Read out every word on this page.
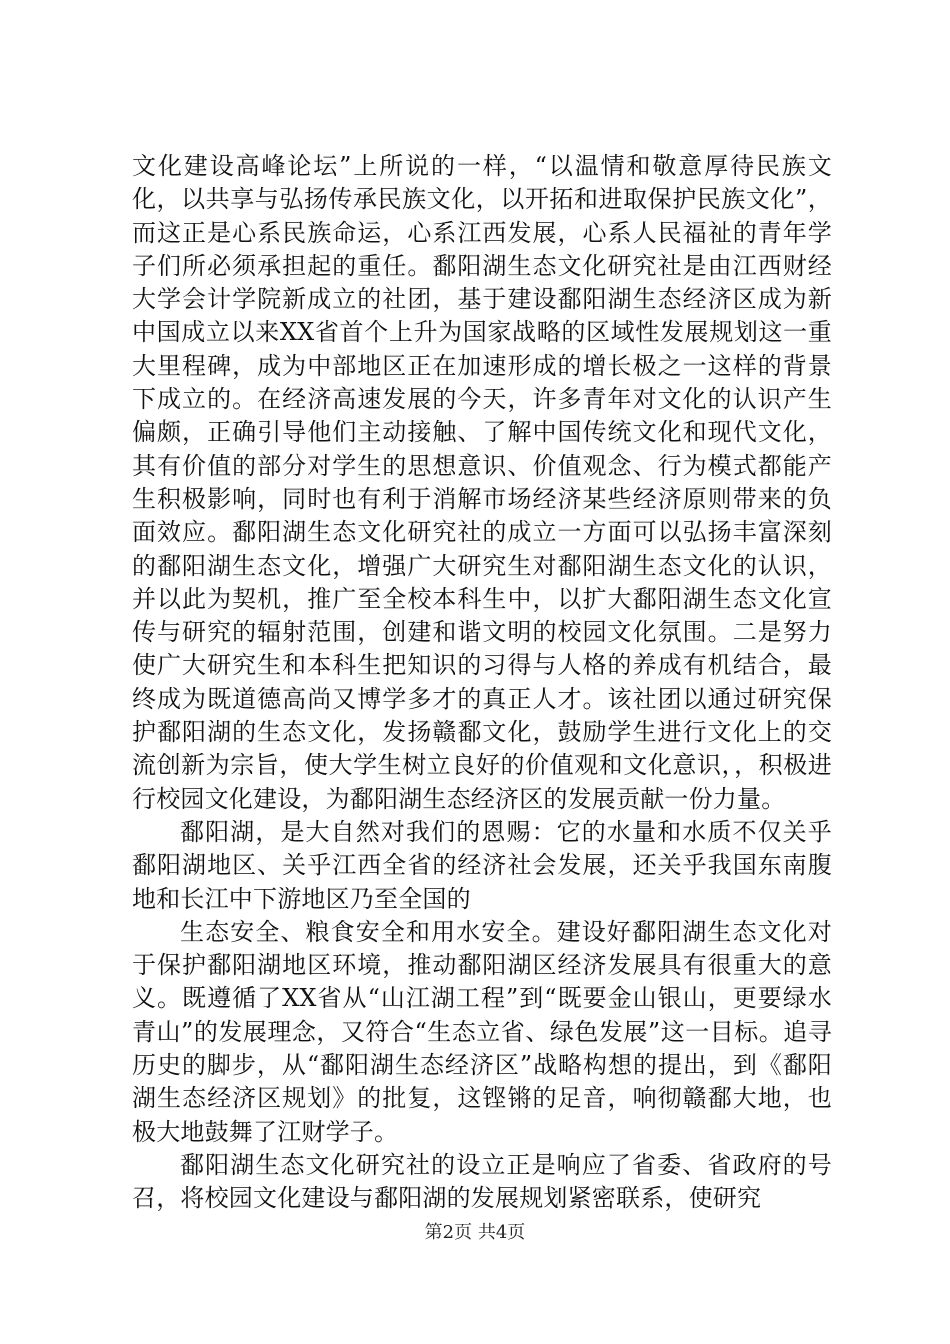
文化建设高峰论坛”上所说的一样，“以温情和敬意厚待民族文化，以共享与弘扬传承民族文化，以开拓和进取保护民族文化”，而这正是心系民族命运，心系江西发展，心系人民福祉的青年学子们所必须承担起的重任。鄱阳湖生态文化研究社是由江西财经大学会计学院新成立的社团，基于建设鄱阳湖生态经济区成为新中国成立以来XX省首个上升为国家战略的区域性发展规划这一重大里程碑，成为中部地区正在加速形成的增长极之一这样的背景下成立的。在经济高速发展的今天，许多青年对文化的认识产生偏颇，正确引导他们主动接触、了解中国传统文化和现代文化，其有价值的部分对学生的思想意识、价值观念、行为模式都能产生积极影响，同时也有利于消解市场经济某些经济原则带来的负面效应。鄱阳湖生态文化研究社的成立一方面可以弘扬丰富深刻的鄱阳湖生态文化，增强广大研究生对鄱阳湖生态文化的认识，并以此为契机，推广至全校本科生中，以扩大鄱阳湖生态文化宣传与研究的辐射范围，创建和谐文明的校园文化氛围。二是努力使广大研究生和本科生把知识的习得与人格的养成有机结合，最终成为既道德高尚又博学多才的真正人才。该社团以通过研究保护鄱阳湖的生态文化，发扬赣鄱文化，鼓励学生进行文化上的交流创新为宗旨，使大学生树立良好的价值观和文化意识，，积极进行校园文化建设，为鄱阳湖生态经济区的发展贡献一份力量。

鄱阳湖，是大自然对我们的恩赐：它的水量和水质不仅关乎鄱阳湖地区、关乎江西全省的经济社会发展，还关乎我国东南腹地和长江中下游地区乃至全国的

生态安全、粮食安全和用水安全。建设好鄱阳湖生态文化对于保护鄱阳湖地区环境，推动鄱阳湖区经济发展具有很重大的意义。既遵循了XX省从“山江湖工程”到“既要金山银山，更要绿水青山”的发展理念，又符合“生态立省、绿色发展”这一目标。追寻历史的脚步，从“鄱阳湖生态经济区”战略构想的提出，到《鄱阳湖生态经济区规划》的批复，这铿锵的足音，响彻赣鄱大地，也极大地鼓舞了江财学子。

鄱阳湖生态文化研究社的设立正是响应了省委、省政府的号召，将校园文化建设与鄱阳湖的发展规划紧密联系，使研究

第2页 共4页
